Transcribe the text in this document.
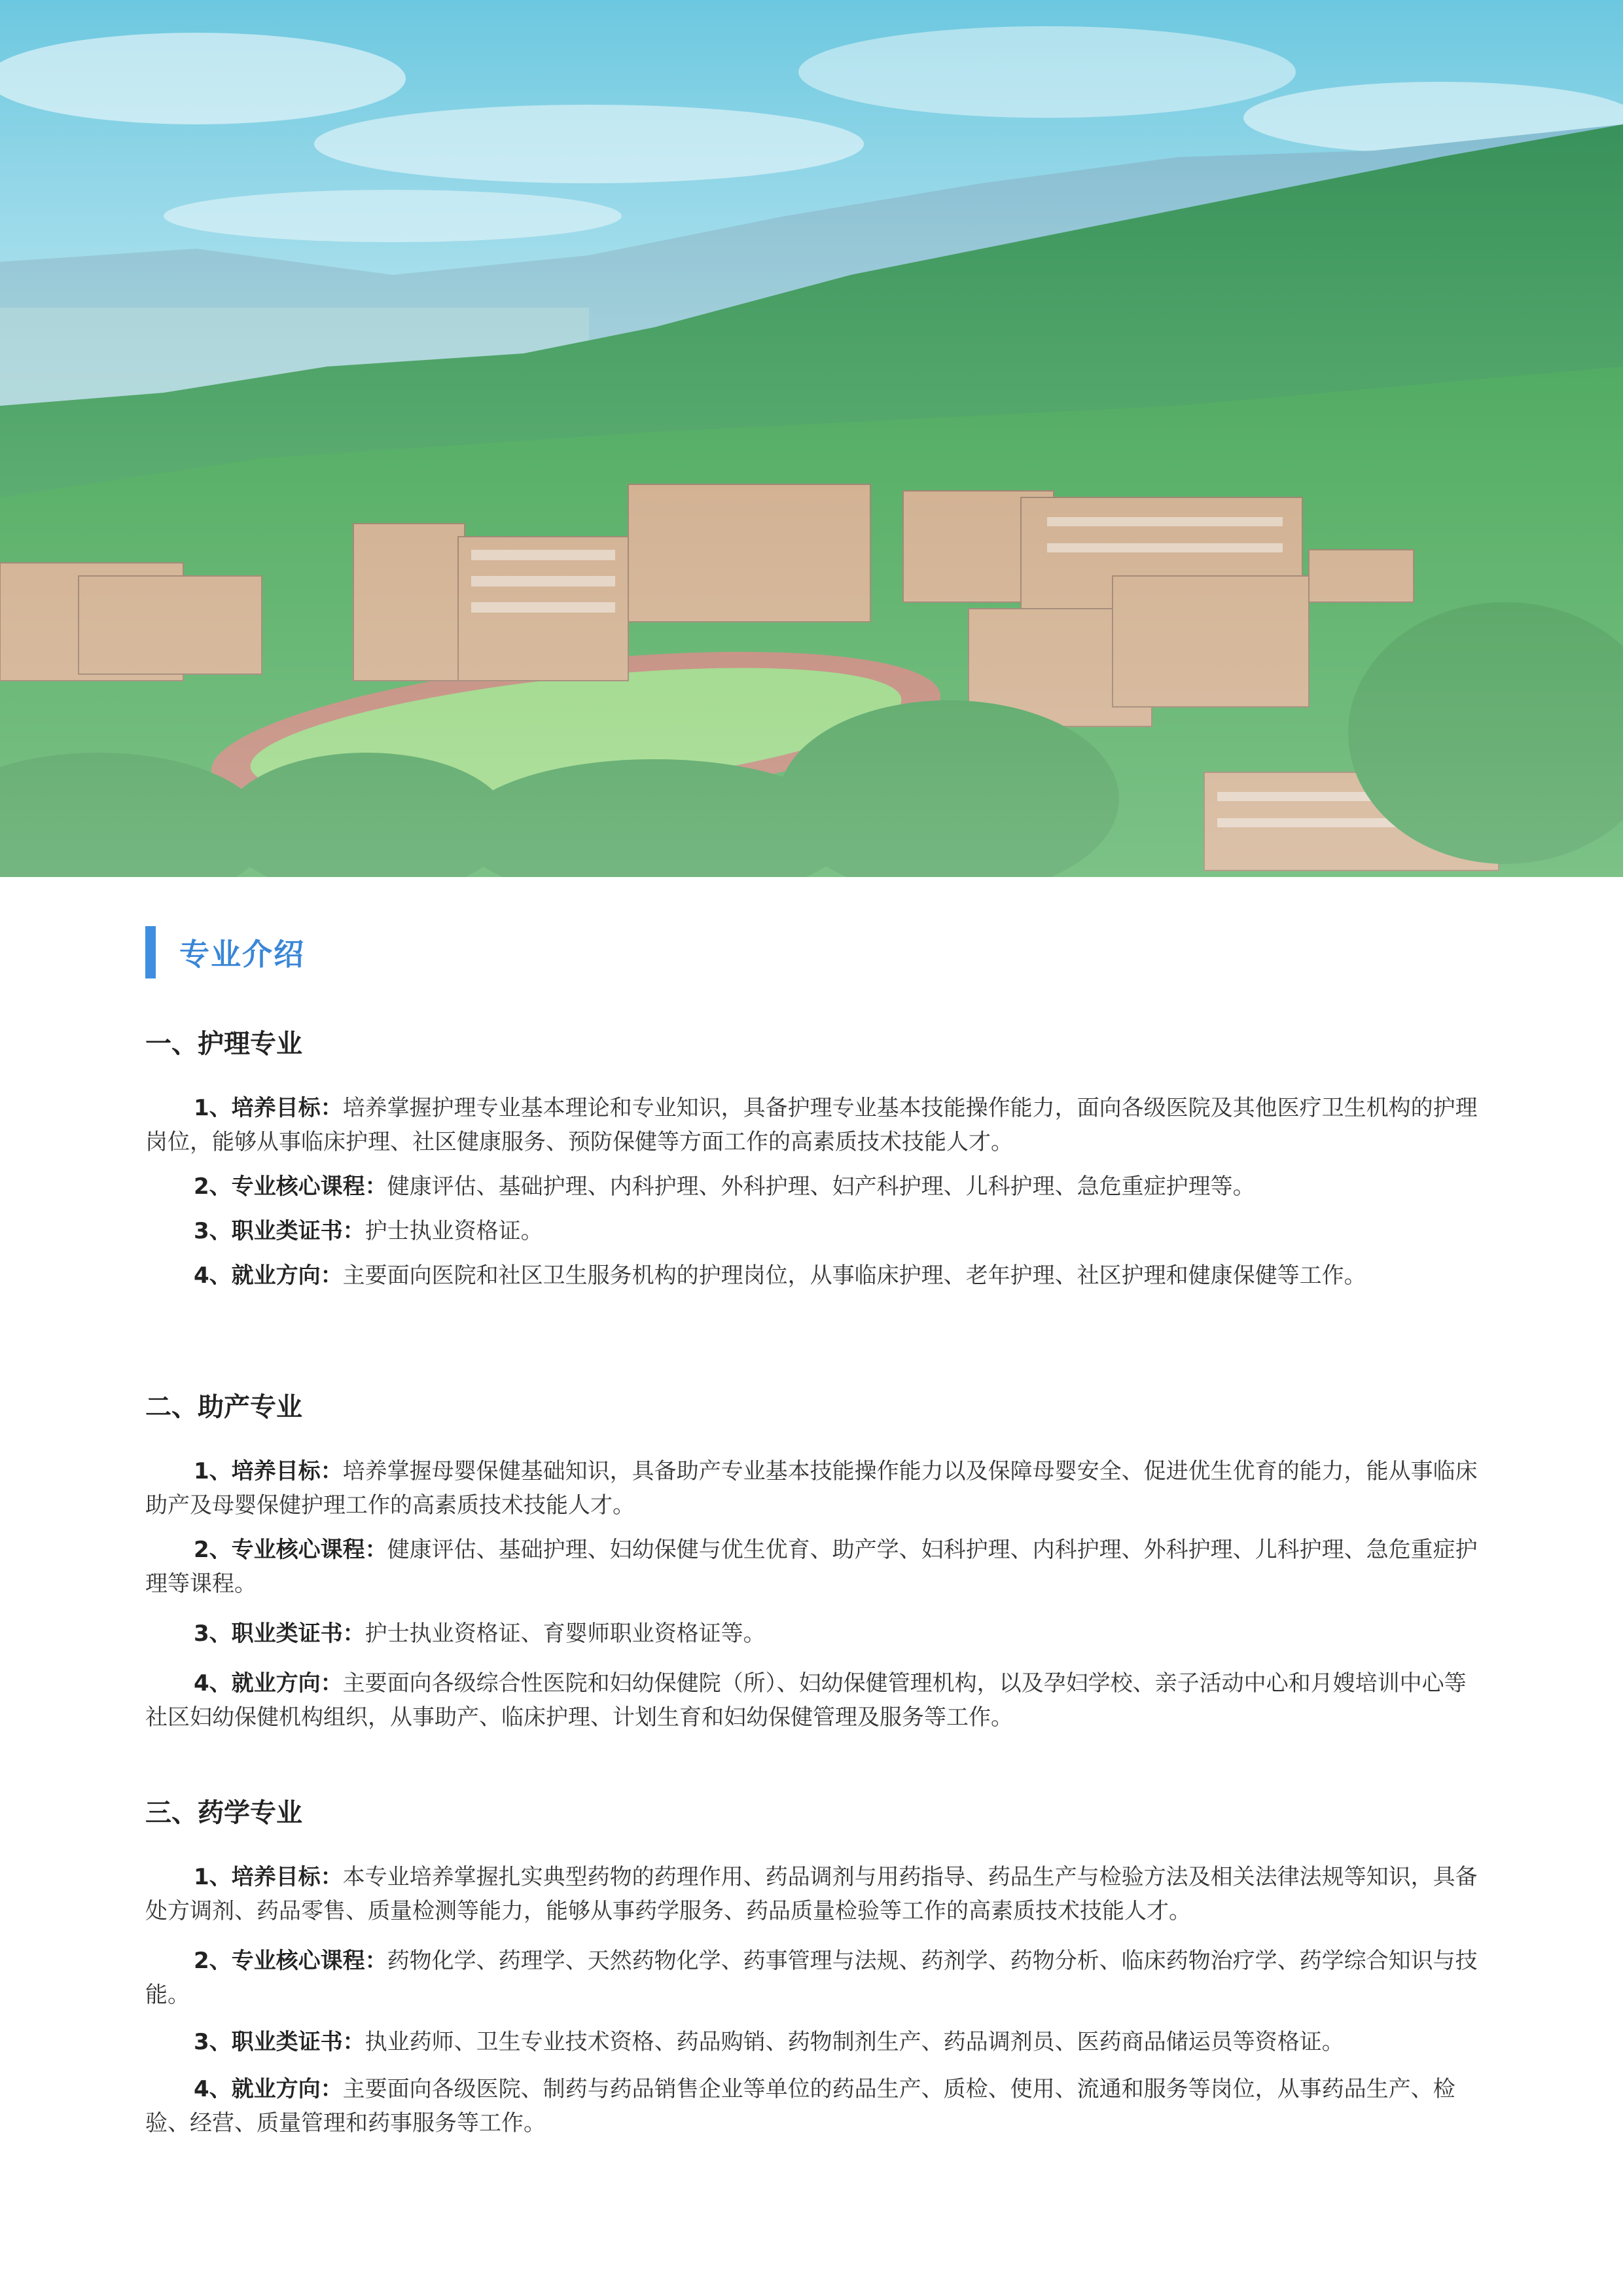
专业介绍

一、护理专业

1、培养目标：培养掌握护理专业基本理论和专业知识，具备护理专业基本技能操作能力，面向各级医院及其他医疗卫生机构的护理岗位，能够从事临床护理、社区健康服务、预防保健等方面工作的高素质技术技能人才。

2、专业核心课程：健康评估、基础护理、内科护理、外科护理、妇产科护理、儿科护理、急危重症护理等。

3、职业类证书：护士执业资格证。

4、就业方向：主要面向医院和社区卫生服务机构的护理岗位，从事临床护理、老年护理、社区护理和健康保健等工作。

二、助产专业

1、培养目标：培养掌握母婴保健基础知识，具备助产专业基本技能操作能力以及保障母婴安全、促进优生优育的能力，能从事临床助产及母婴保健护理工作的高素质技术技能人才。

2、专业核心课程：健康评估、基础护理、妇幼保健与优生优育、助产学、妇科护理、内科护理、外科护理、儿科护理、急危重症护理等课程。

3、职业类证书：护士执业资格证、育婴师职业资格证等。

4、就业方向：主要面向各级综合性医院和妇幼保健院（所）、妇幼保健管理机构，以及孕妇学校、亲子活动中心和月嫂培训中心等社区妇幼保健机构组织，从事助产、临床护理、计划生育和妇幼保健管理及服务等工作。

三、药学专业

1、培养目标：本专业培养掌握扎实典型药物的药理作用、药品调剂与用药指导、药品生产与检验方法及相关法律法规等知识，具备处方调剂、药品零售、质量检测等能力，能够从事药学服务、药品质量检验等工作的高素质技术技能人才。

2、专业核心课程：药物化学、药理学、天然药物化学、药事管理与法规、药剂学、药物分析、临床药物治疗学、药学综合知识与技能。

3、职业类证书：执业药师、卫生专业技术资格、药品购销、药物制剂生产、药品调剂员、医药商品储运员等资格证。

4、就业方向：主要面向各级医院、制药与药品销售企业等单位的药品生产、质检、使用、流通和服务等岗位，从事药品生产、检验、经营、质量管理和药事服务等工作。
